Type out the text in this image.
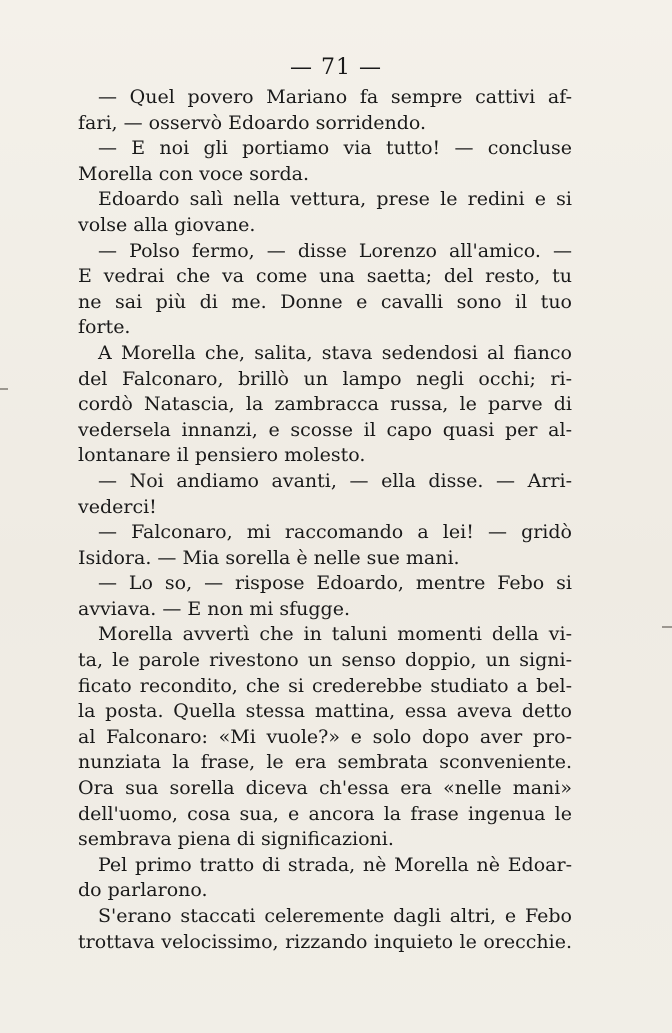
— 71 —
— Quel povero Mariano fa sempre cattivi af-
fari, — osservò Edoardo sorridendo.
— E noi gli portiamo via tutto! — concluse
Morella con voce sorda.
Edoardo salì nella vettura, prese le redini e si
volse alla giovane.
— Polso fermo, — disse Lorenzo all'amico. —
E vedrai che va come una saetta; del resto, tu
ne sai più di me. Donne e cavalli sono il tuo
forte.
A Morella che, salita, stava sedendosi al fianco
del Falconaro, brillò un lampo negli occhi; ri-
cordò Natascia, la zambracca russa, le parve di
vedersela innanzi, e scosse il capo quasi per al-
lontanare il pensiero molesto.
— Noi andiamo avanti, — ella disse. — Arri-
vederci!
— Falconaro, mi raccomando a lei! — gridò
Isidora. — Mia sorella è nelle sue mani.
— Lo so, — rispose Edoardo, mentre Febo si
avviava. — E non mi sfugge.
Morella avvertì che in taluni momenti della vi-
ta, le parole rivestono un senso doppio, un signi-
ficato recondito, che si crederebbe studiato a bel-
la posta. Quella stessa mattina, essa aveva detto
al Falconaro: «Mi vuole?» e solo dopo aver pro-
nunziata la frase, le era sembrata sconveniente.
Ora sua sorella diceva ch'essa era «nelle mani»
dell'uomo, cosa sua, e ancora la frase ingenua le
sembrava piena di significazioni.
Pel primo tratto di strada, nè Morella nè Edoar-
do parlarono.
S'erano staccati celeremente dagli altri, e Febo
trottava velocissimo, rizzando inquieto le orecchie.
